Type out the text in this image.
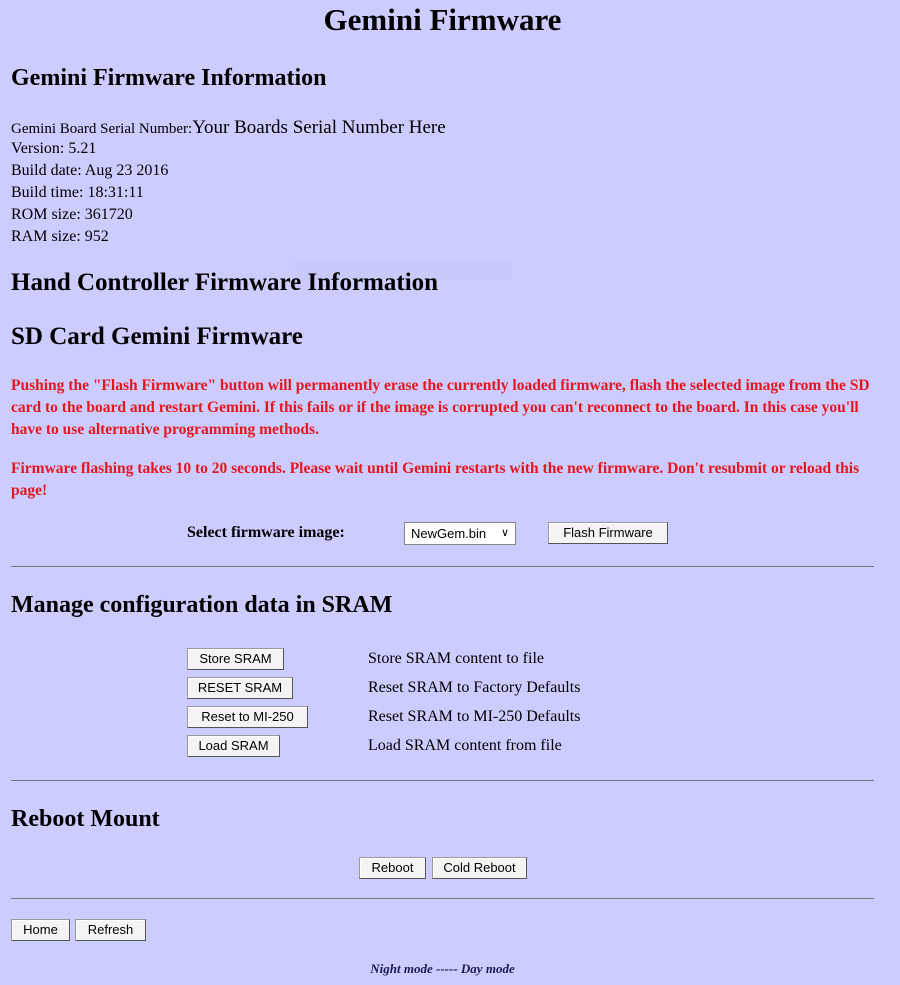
Gemini Firmware
Gemini Firmware Information
Gemini Board Serial Number:Your Boards Serial Number Here
Version: 5.21
Build date: Aug 23 2016
Build time: 18:31:11
ROM size: 361720
RAM size: 952
Hand Controller Firmware Information
SD Card Gemini Firmware

Pushing the "Flash Firmware" button will permanently erase the currently loaded firmware, flash the selected image from the SD card to the board and restart Gemini. If this fails or if the image is corrupted you can't reconnect to the board. In this case you'll have to use alternative programming methods.

Firmware flashing takes 10 to 20 seconds. Please wait until Gemini restarts with the new firmware. Don't resubmit or reload this page!

Select firmware image:	NewGem.bin ∨	Flash Firmware
Manage configuration data in SRAM
Store SRAM	Store SRAM content to file
RESET SRAM	Reset SRAM to Factory Defaults
Reset to MI-250	Reset SRAM to MI-250 Defaults
Load SRAM	Load SRAM content from file
Reboot Mount
Reboot	Cold Reboot
Home	Refresh
Night mode ----- Day mode
